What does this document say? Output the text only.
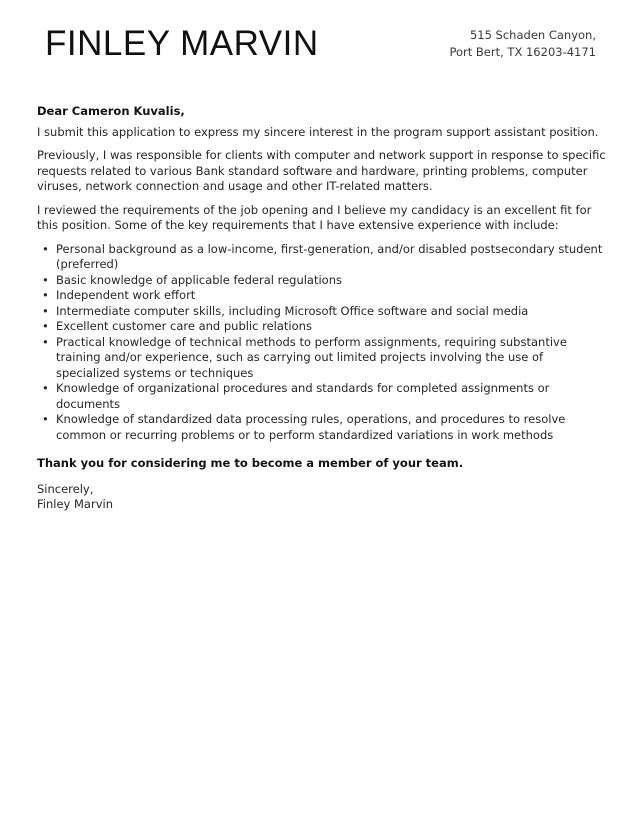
FINLEY MARVIN	515 Schaden Canyon,
Port Bert, TX 16203-4171

Dear Cameron Kuvalis,

I submit this application to express my sincere interest in the program support assistant position.

Previously, I was responsible for clients with computer and network support in response to specific requests related to various Bank standard software and hardware, printing problems, computer viruses, network connection and usage and other IT-related matters.

I reviewed the requirements of the job opening and I believe my candidacy is an excellent fit for this position. Some of the key requirements that I have extensive experience with include:

• Personal background as a low-income, first-generation, and/or disabled postsecondary student (preferred)
• Basic knowledge of applicable federal regulations
• Independent work effort
• Intermediate computer skills, including Microsoft Office software and social media
• Excellent customer care and public relations
• Practical knowledge of technical methods to perform assignments, requiring substantive training and/or experience, such as carrying out limited projects involving the use of specialized systems or techniques
• Knowledge of organizational procedures and standards for completed assignments or documents
• Knowledge of standardized data processing rules, operations, and procedures to resolve common or recurring problems or to perform standardized variations in work methods

Thank you for considering me to become a member of your team.

Sincerely,

Finley Marvin
